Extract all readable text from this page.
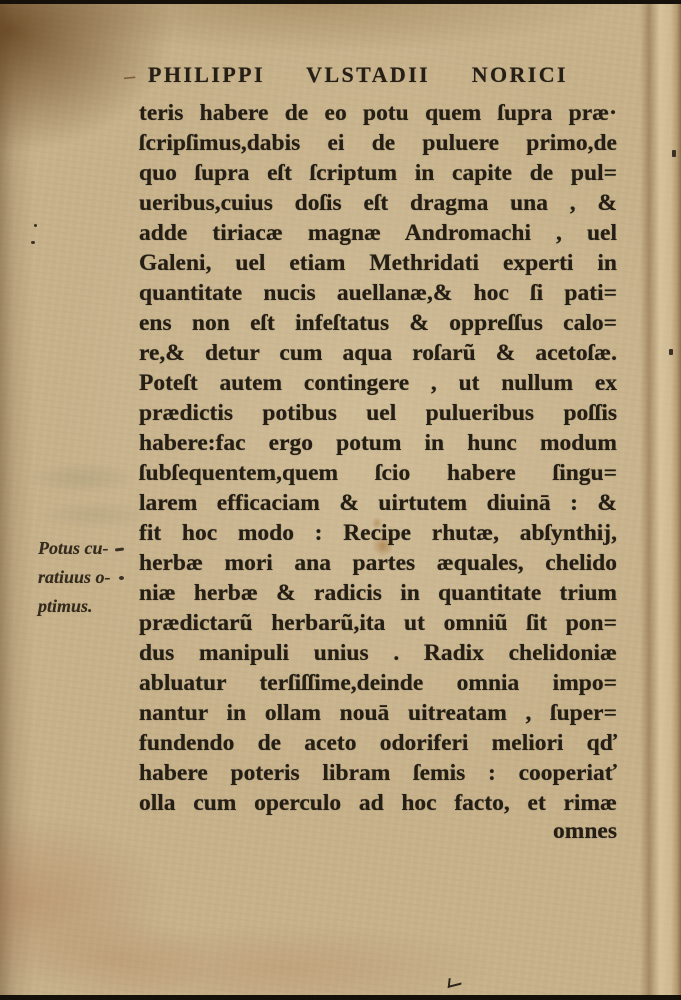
– PHILIPPI VLSTADII NORICI
Potus cu-
ratiuus o-
ptimus.
teris habere de eo potu quem ſupra præ·
ſcripſimus,dabis ei de puluere primo,de
quo ſupra eſt ſcriptum in capite de pul=
ueribus,cuius doſis eſt dragma una , &
adde tiriacæ magnæ Andromachi , uel
Galeni, uel etiam Methridati experti in
quantitate nucis auellanæ,& hoc ſi pati=
ens non eſt infeſtatus & oppreſſus calo=
re,& detur cum aqua roſarũ & acetoſæ.
Poteſt autem contingere , ut nullum ex
prædictis potibus uel pulueribus poſſis
habere:fac ergo potum in hunc modum
ſubſequentem,quem ſcio habere ſingu=
larem efficaciam & uirtutem diuinā : &
fit hoc modo : Recipe rhutæ, abſynthij,
herbæ mori ana partes æquales, chelido
niæ herbæ & radicis in quantitate trium
prædictarũ herbarũ,ita ut omniũ ſit pon=
dus manipuli unius . Radix chelidoniæ
abluatur terſiſſime,deinde omnia impo=
nantur in ollam nouā uitreatam , ſuper=
fundendo de aceto odoriferi meliori qď
habere poteris libram ſemis : cooperiať
olla cum operculo ad hoc facto, et rimæ
omnes
